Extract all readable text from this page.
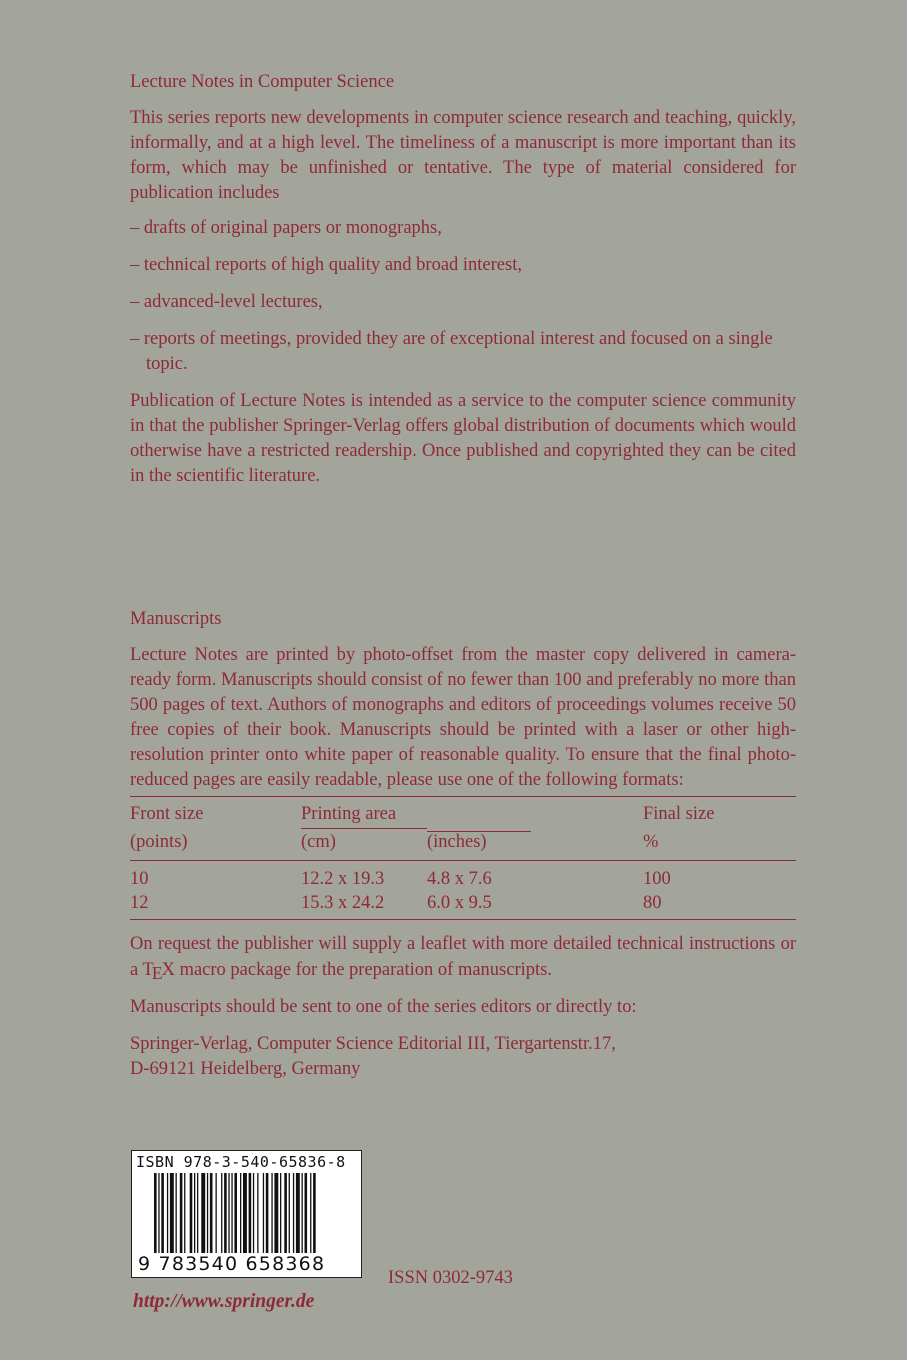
Lecture Notes in Computer Science

This series reports new developments in computer science research and teaching, quickly, informally, and at a high level. The timeliness of a manuscript is more important than its form, which may be unfinished or tentative. The type of material considered for publication includes

– drafts of original papers or monographs,
– technical reports of high quality and broad interest,
– advanced-level lectures,
– reports of meetings, provided they are of exceptional interest and focused on a single topic.

Publication of Lecture Notes is intended as a service to the computer science community in that the publisher Springer-Verlag offers global distribution of documents which would otherwise have a restricted readership. Once published and copyrighted they can be cited in the scientific literature.

Manuscripts

Lecture Notes are printed by photo-offset from the master copy delivered in camera-ready form. Manuscripts should consist of no fewer than 100 and preferably no more than 500 pages of text. Authors of monographs and editors of proceedings volumes receive 50 free copies of their book. Manuscripts should be printed with a laser or other high-resolution printer onto white paper of reasonable quality. To ensure that the final photo-reduced pages are easily readable, please use one of the following formats:

Front size	Printing area		Final size
(points)	(cm)	(inches)	%
10	12.2 x 19.3	4.8 x 7.6	100
12	15.3 x 24.2	6.0 x 9.5	80

On request the publisher will supply a leaflet with more detailed technical instructions or a TEX macro package for the preparation of manuscripts.

Manuscripts should be sent to one of the series editors or directly to:

Springer-Verlag, Computer Science Editorial III, Tiergartenstr.17,

D-69121 Heidelberg, Germany

ISBN 978-3-540-65836-8
9 783540 658368
ISSN 0302-9743
http://www.springer.de
